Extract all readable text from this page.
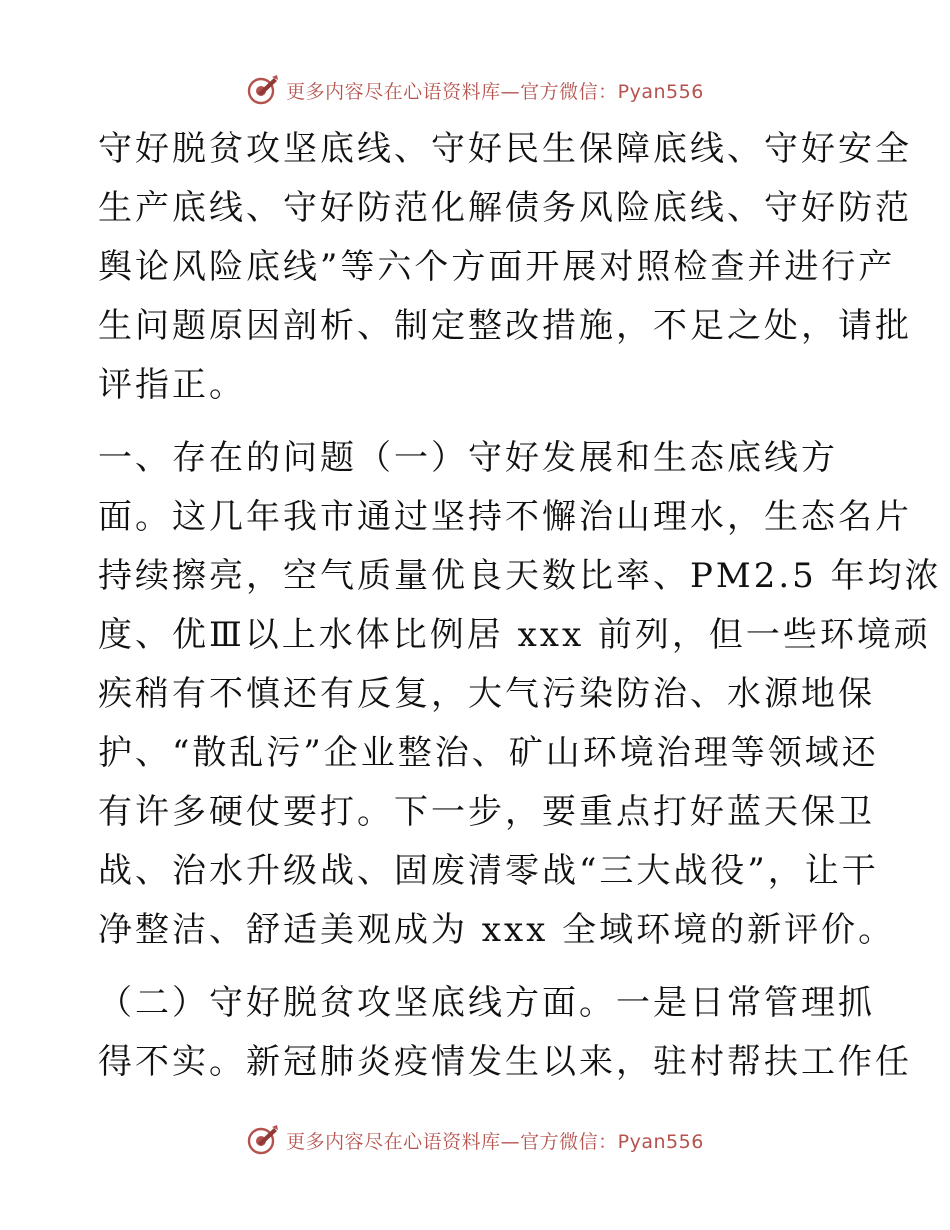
更多内容尽在心语资料库—官方微信：Pyan556

守好脱贫攻坚底线、守好民生保障底线、守好安全
生产底线、守好防范化解债务风险底线、守好防范
舆论风险底线”等六个方面开展对照检查并进行产
生问题原因剖析、制定整改措施，不足之处，请批
评指正。

一、存在的问题（一）守好发展和生态底线方
面。这几年我市通过坚持不懈治山理水，生态名片
持续擦亮，空气质量优良天数比率、PM2.5 年均浓
度、优Ⅲ以上水体比例居 xxx 前列，但一些环境顽
疾稍有不慎还有反复，大气污染防治、水源地保
护、“散乱污”企业整治、矿山环境治理等领域还
有许多硬仗要打。下一步，要重点打好蓝天保卫
战、治水升级战、固废清零战“三大战役”，让干
净整洁、舒适美观成为 xxx 全域环境的新评价。

（二）守好脱贫攻坚底线方面。一是日常管理抓
得不实。新冠肺炎疫情发生以来，驻村帮扶工作任

更多内容尽在心语资料库—官方微信：Pyan556
